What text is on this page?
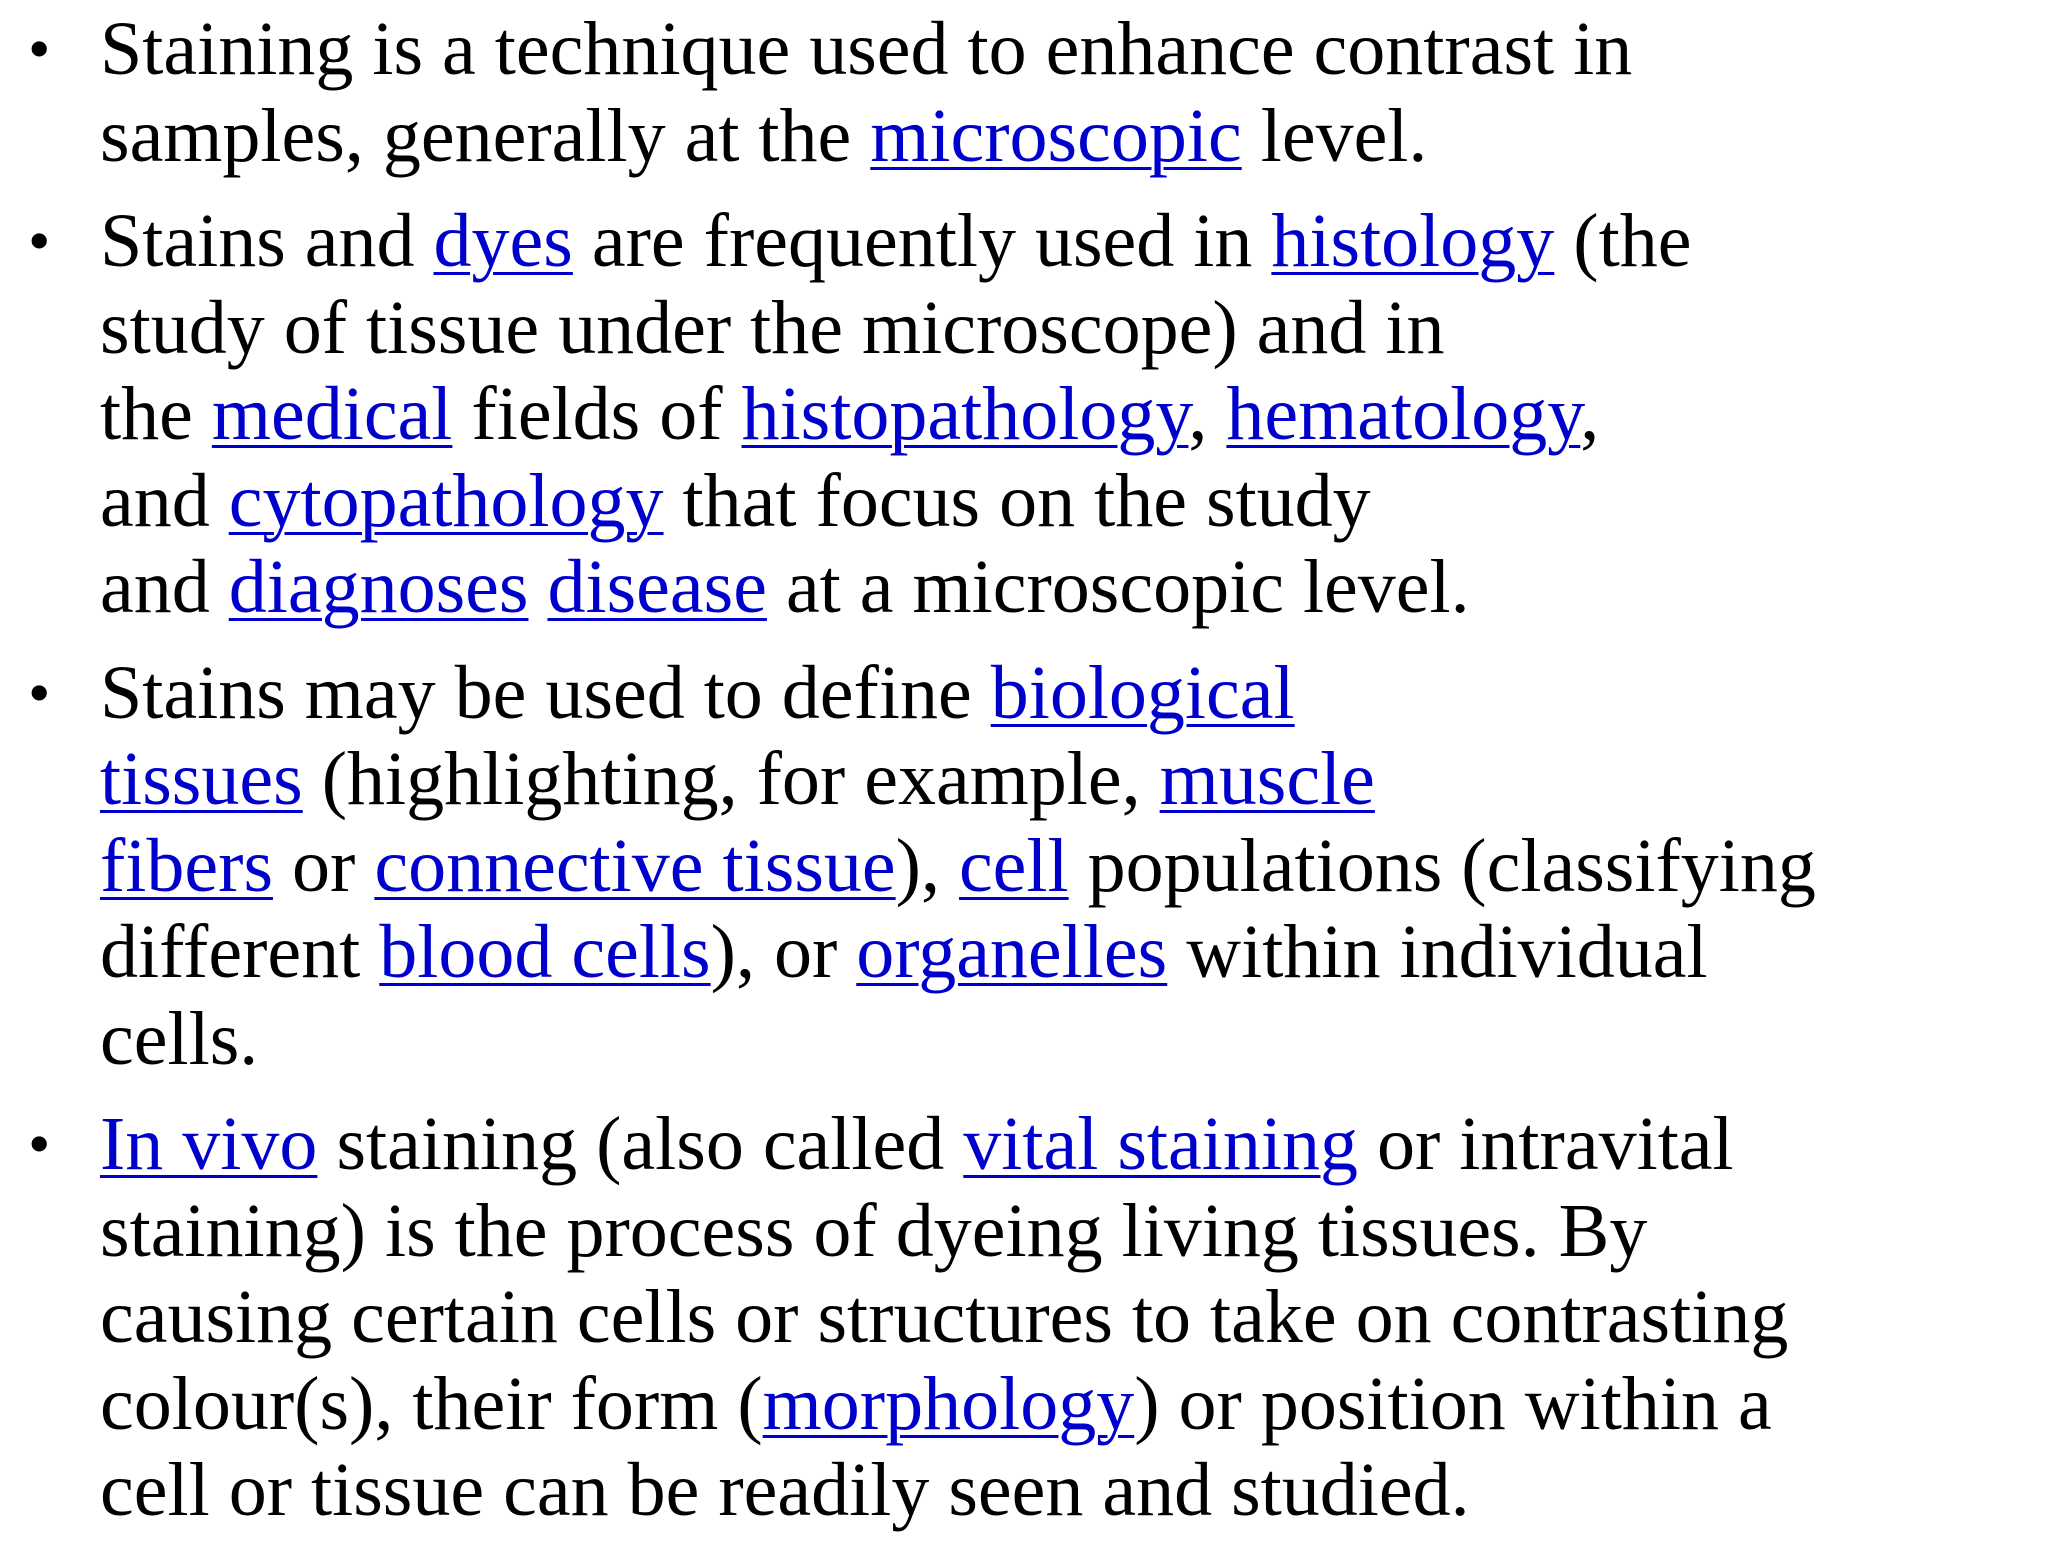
• Staining is a technique used to enhance contrast in
samples, generally at the microscopic level.
• Stains and dyes are frequently used in histology (the
study of tissue under the microscope) and in
the medical fields of histopathology, hematology,
and cytopathology that focus on the study
and diagnoses disease at a microscopic level.
• Stains may be used to define biological
tissues (highlighting, for example, muscle
fibers or connective tissue), cell populations (classifying
different blood cells), or organelles within individual
cells.
• In vivo staining (also called vital staining or intravital
staining) is the process of dyeing living tissues. By
causing certain cells or structures to take on contrasting
colour(s), their form (morphology) or position within a
cell or tissue can be readily seen and studied.
